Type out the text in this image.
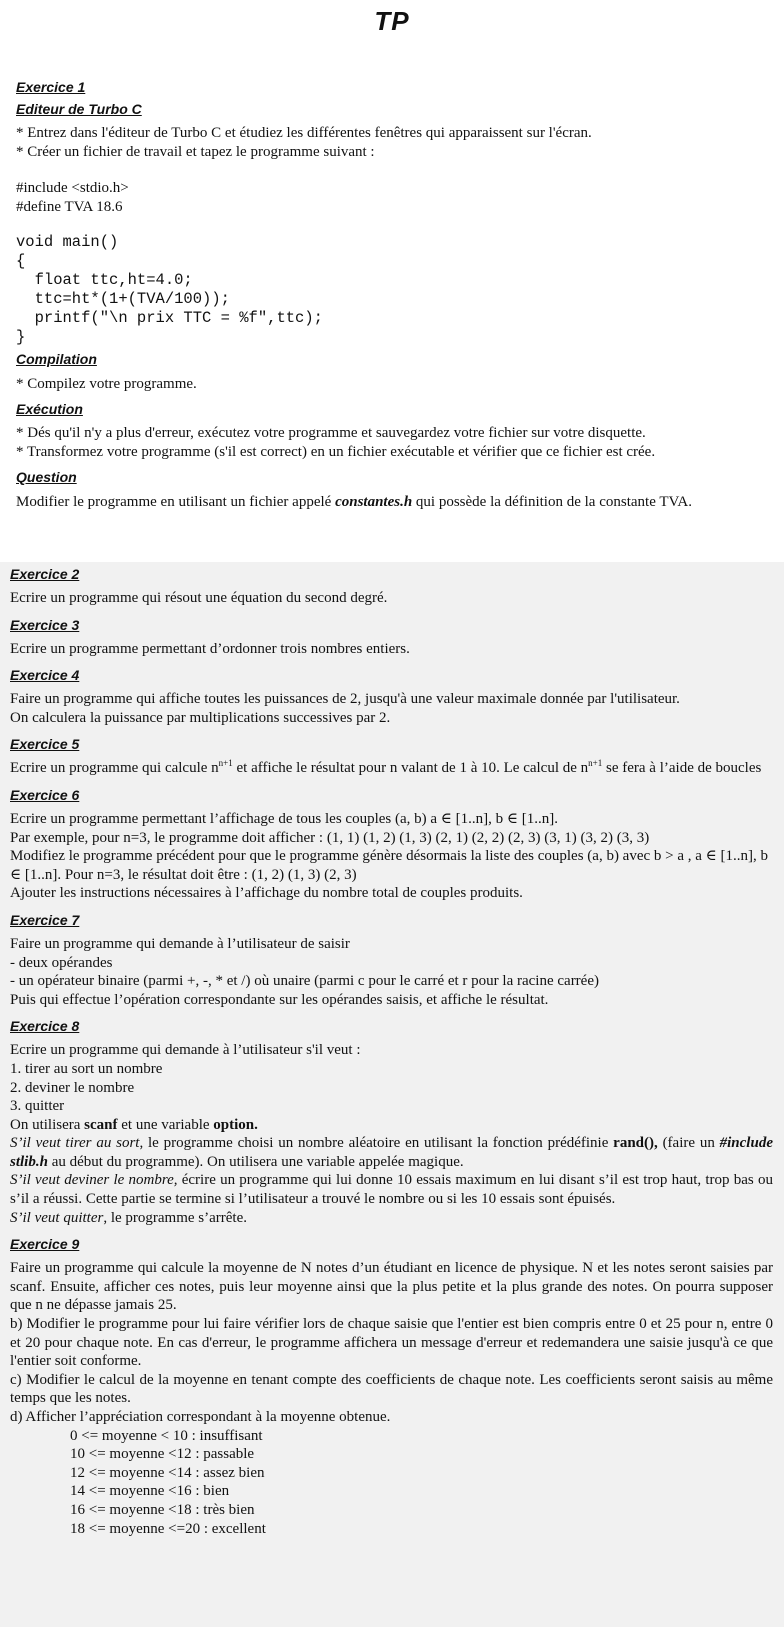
TP
Exercice 1
Editeur de Turbo C

* Entrez dans l'éditeur de Turbo C et étudiez les différentes fenêtres qui apparaissent sur l'écran.

* Créer un fichier de travail et tapez le programme suivant :

#include <stdio.h>

#define TVA 18.6

void main()

{

float ttc,ht=4.0;

ttc=ht*(1+(TVA/100));

printf("\n prix TTC = %f",ttc);

}

Compilation

* Compilez votre programme.

Exécution

* Dés qu'il n'y a plus d'erreur, exécutez votre programme et sauvegardez votre fichier sur votre disquette.

* Transformez votre programme (s'il est correct) en un fichier exécutable et vérifier que ce fichier est crée.

Question

Modifier le programme en utilisant un fichier appelé constantes.h qui possède la définition de la constante TVA.

Exercice 2

Ecrire un programme qui résout une équation du second degré.

Exercice 3

Ecrire un programme permettant d’ordonner trois nombres entiers.

Exercice 4

Faire un programme qui affiche toutes les puissances de 2, jusqu'à une valeur maximale donnée par l'utilisateur.

On calculera la puissance par multiplications successives par 2.

Exercice 5

Ecrire un programme qui calcule $n^{n+1}$ et affiche le résultat pour n valant de 1 à 10. Le calcul de $n^{n+1}$ se fera à l’aide de boucles

Exercice 6

Ecrire un programme permettant l’affichage de tous les couples (a, b) a ∈ [1..n], b ∈ [1..n].

Par exemple, pour n=3, le programme doit afficher : (1, 1) (1, 2) (1, 3) (2, 1) (2, 2) (2, 3) (3, 1) (3, 2) (3, 3)

Modifiez le programme précédent pour que le programme génère désormais la liste des couples (a, b) avec b > a , a ∈ [1..n], b ∈ [1..n]. Pour n=3, le résultat doit être : (1, 2) (1, 3) (2, 3)

Ajouter les instructions nécessaires à l’affichage du nombre total de couples produits.

Exercice 7

Faire un programme qui demande à l’utilisateur de saisir

- deux opérandes

- un opérateur binaire (parmi +, -, * et /) où unaire (parmi c pour le carré et r pour la racine carrée)

Puis qui effectue l’opération correspondante sur les opérandes saisis, et affiche le résultat.

Exercice 8

Ecrire un programme qui demande à l’utilisateur s'il veut :

1. tirer au sort un nombre

2. deviner le nombre

3. quitter

On utilisera scanf et une variable option.

S’il veut tirer au sort, le programme choisi un nombre aléatoire en utilisant la fonction prédéfinie rand(), (faire un #include stlib.h au début du programme). On utilisera une variable appelée magique.

S’il veut deviner le nombre, écrire un programme qui lui donne 10 essais maximum en lui disant s’il est trop haut, trop bas ou s’il a réussi. Cette partie se termine si l’utilisateur a trouvé le nombre ou si les 10 essais sont épuisés.

S’il veut quitter, le programme s’arrête.

Exercice 9

Faire un programme qui calcule la moyenne de N notes d’un étudiant en licence de physique. N et les notes seront saisies par scanf. Ensuite, afficher ces notes, puis leur moyenne ainsi que la plus petite et la plus grande des notes. On pourra supposer que n ne dépasse jamais 25.

b) Modifier le programme pour lui faire vérifier lors de chaque saisie que l'entier est bien compris entre 0 et 25 pour n, entre 0 et 20 pour chaque note. En cas d'erreur, le programme affichera un message d'erreur et redemandera une saisie jusqu'à ce que l'entier soit conforme.

c) Modifier le calcul de la moyenne en tenant compte des coefficients de chaque note. Les coefficients seront saisis au même temps que les notes.

d) Afficher l’appréciation correspondant à la moyenne obtenue.

0 <= moyenne < 10 : insuffisant

10 <= moyenne <12 : passable

12 <= moyenne <14 : assez bien

14 <= moyenne <16 : bien

16 <= moyenne <18 : très bien

18 <= moyenne <=20 : excellent
